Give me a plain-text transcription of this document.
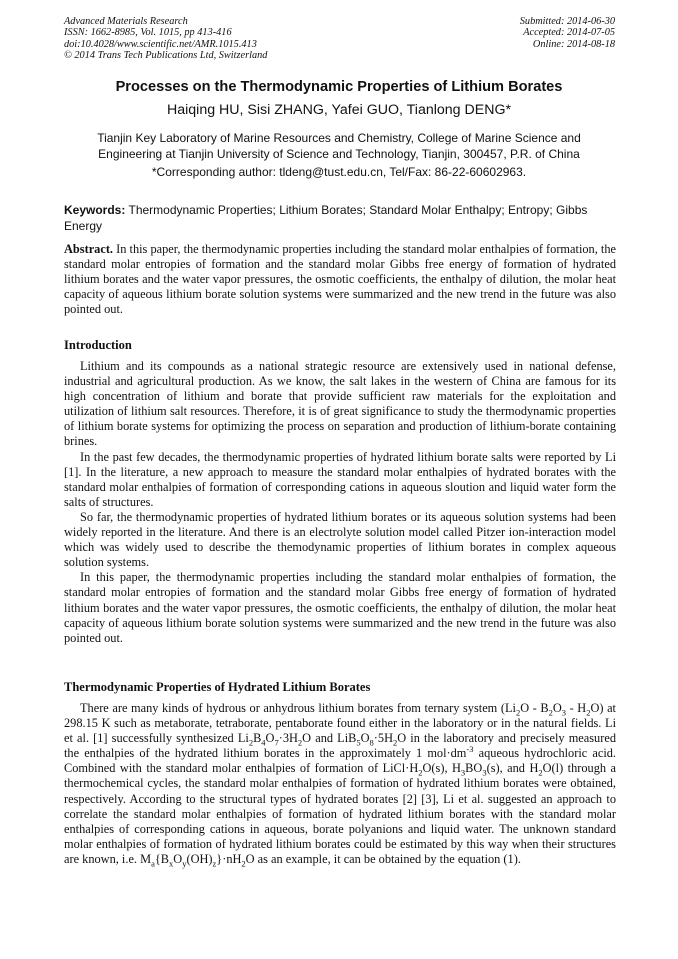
Advanced Materials Research
ISSN: 1662-8985, Vol. 1015, pp 413-416
doi:10.4028/www.scientific.net/AMR.1015.413
© 2014 Trans Tech Publications Ltd, Switzerland
Submitted: 2014-06-30
Accepted: 2014-07-05
Online: 2014-08-18
Processes on the Thermodynamic Properties of Lithium Borates
Haiqing HU, Sisi ZHANG, Yafei GUO, Tianlong DENG*
Tianjin Key Laboratory of Marine Resources and Chemistry, College of Marine Science and
Engineering at Tianjin University of Science and Technology, Tianjin, 300457, P.R. of China
*Corresponding author: tldeng@tust.edu.cn, Tel/Fax: 86-22-60602963.
Keywords: Thermodynamic Properties; Lithium Borates; Standard Molar Enthalpy; Entropy; Gibbs Energy

Abstract. In this paper, the thermodynamic properties including the standard molar enthalpies of formation, the standard molar entropies of formation and the standard molar Gibbs free energy of formation of hydrated lithium borates and the water vapor pressures, the osmotic coefficients, the enthalpy of dilution, the molar heat capacity of aqueous lithium borate solution systems were summarized and the new trend in the future was also pointed out.

Introduction

Lithium and its compounds as a national strategic resource are extensively used in national defense, industrial and agricultural production. As we know, the salt lakes in the western of China are famous for its high concentration of lithium and borate that provide sufficient raw materials for the exploitation and utilization of lithium salt resources. Therefore, it is of great significance to study the thermodynamic properties of lithium borate systems for optimizing the process on separation and production of lithium-borate containing brines.

In the past few decades, the thermodynamic properties of hydrated lithium borate salts were reported by Li [1]. In the literature, a new approach to measure the standard molar enthalpies of hydrated borates with the standard molar enthalpies of formation of corresponding cations in aqueous sloution and liquid water form the salts of structures.

So far, the thermodynamic properties of hydrated lithium borates or its aqueous solution systems had been widely reported in the literature. And there is an electrolyte solution model called Pitzer ion-interaction model which was widely used to describe the themodynamic properties of lithium borates in complex aqueous solution systems.

In this paper, the thermodynamic properties including the standard molar enthalpies of formation, the standard molar entropies of formation and the standard molar Gibbs free energy of formation of hydrated lithium borates and the water vapor pressures, the osmotic coefficients, the enthalpy of dilution, the molar heat capacity of aqueous lithium borate solution systems were summarized and the new trend in the future was also pointed out.

Thermodynamic Properties of Hydrated Lithium Borates

There are many kinds of hydrous or anhydrous lithium borates from ternary system $(Li_2O - B_2O_3 - H_2O)$ at 298.15 K such as metaborate, tetraborate, pentaborate found either in the laboratory or in the natural fields. Li et al. [1] successfully synthesized $Li_2B_4O_7\cdot 3H_2O$ and $LiB_5O_8\cdot 5H_2O$ in the laboratory and precisely measured the enthalpies of the hydrated lithium borates in the approximately 1 $mol\cdot dm^{-3}$ aqueous hydrochloric acid. Combined with the standard molar enthalpies of formation of $LiCl\cdot H_2O(s)$, $H_3BO_3(s)$, and $H_2O(l)$ through a thermochemical cycles, the standard molar enthalpies of formation of hydrated lithium borates were obtained, respectively. According to the structural types of hydrated borates [2] [3], Li et al. suggested an approach to correlate the standard molar enthalpies of formation of hydrated lithium borates with the standard molar enthalpies of corresponding cations in aqueous, borate polyanions and liquid water. The unknown standard molar enthalpies of formation of hydrated lithium borates could be estimated by this way when their structures are known, i.e. $M_a\{B_xO_y(OH)_z\}\cdot nH_2O$ as an example, it can be obtained by the equation (1).
